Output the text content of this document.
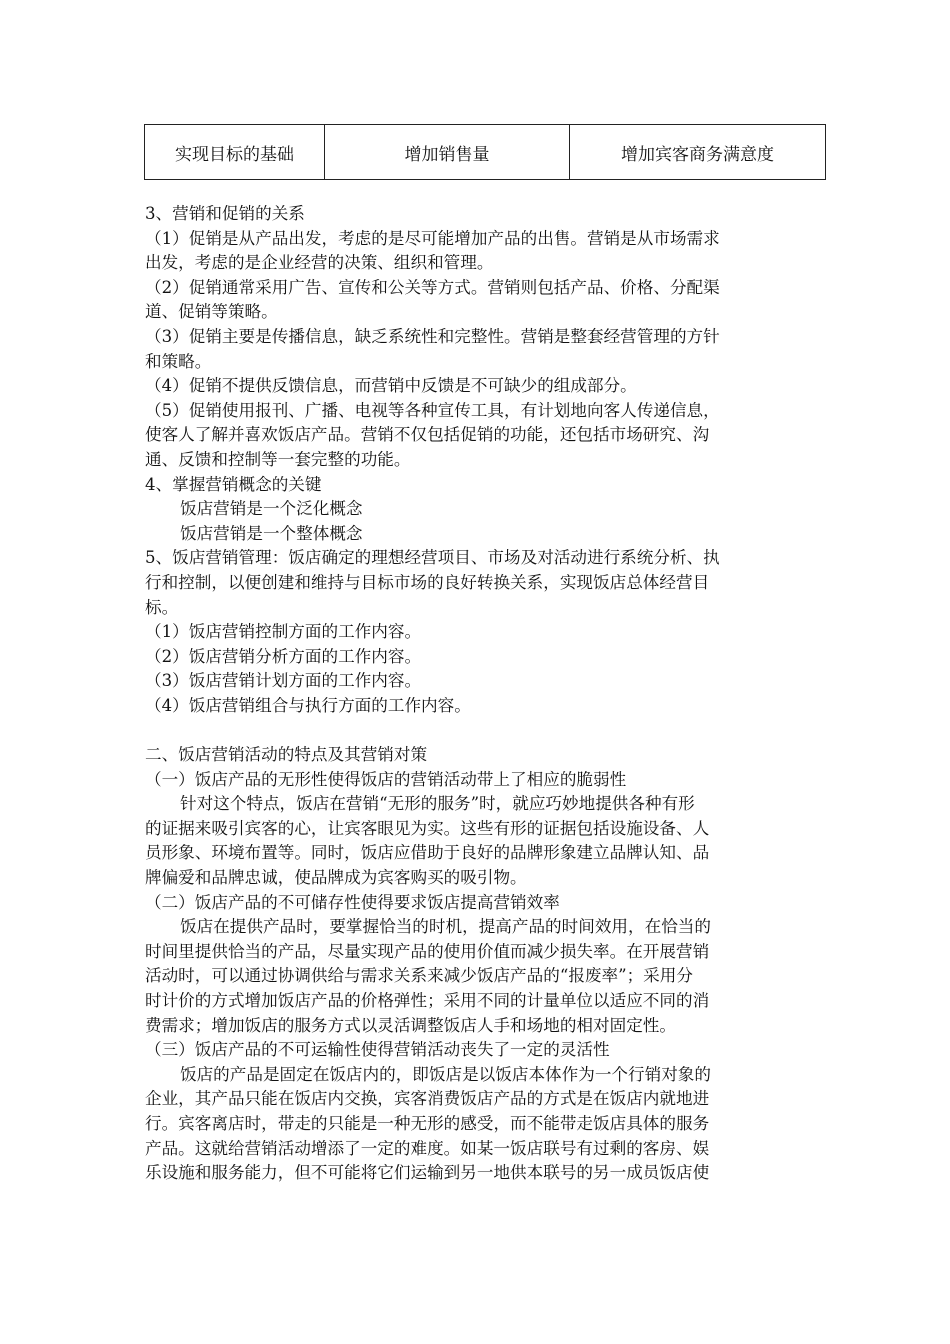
实现目标的基础	增加销售量	增加宾客商务满意度

3、营销和促销的关系

（1）促销是从产品出发，考虑的是尽可能增加产品的出售。营销是从市场需求

出发，考虑的是企业经营的决策、组织和管理。

（2）促销通常采用广告、宣传和公关等方式。营销则包括产品、价格、分配渠

道、促销等策略。

（3）促销主要是传播信息，缺乏系统性和完整性。营销是整套经营管理的方针

和策略。

（4）促销不提供反馈信息，而营销中反馈是不可缺少的组成部分。

（5）促销使用报刊、广播、电视等各种宣传工具，有计划地向客人传递信息，

使客人了解并喜欢饭店产品。营销不仅包括促销的功能，还包括市场研究、沟

通、反馈和控制等一套完整的功能。

4、掌握营销概念的关键

饭店营销是一个泛化概念

饭店营销是一个整体概念

5、饭店营销管理：饭店确定的理想经营项目、市场及对活动进行系统分析、执

行和控制，以便创建和维持与目标市场的良好转换关系，实现饭店总体经营目

标。

（1）饭店营销控制方面的工作内容。

（2）饭店营销分析方面的工作内容。

（3）饭店营销计划方面的工作内容。

（4）饭店营销组合与执行方面的工作内容。

二、饭店营销活动的特点及其营销对策

（一）饭店产品的无形性使得饭店的营销活动带上了相应的脆弱性

针对这个特点，饭店在营销“无形的服务”时，就应巧妙地提供各种有形

的证据来吸引宾客的心，让宾客眼见为实。这些有形的证据包括设施设备、人

员形象、环境布置等。同时，饭店应借助于良好的品牌形象建立品牌认知、品

牌偏爱和品牌忠诚，使品牌成为宾客购买的吸引物。

（二）饭店产品的不可储存性使得要求饭店提高营销效率

饭店在提供产品时，要掌握恰当的时机，提高产品的时间效用，在恰当的

时间里提供恰当的产品，尽量实现产品的使用价值而减少损失率。在开展营销

活动时，可以通过协调供给与需求关系来减少饭店产品的“报废率”；采用分

时计价的方式增加饭店产品的价格弹性；采用不同的计量单位以适应不同的消

费需求；增加饭店的服务方式以灵活调整饭店人手和场地的相对固定性。

（三）饭店产品的不可运输性使得营销活动丧失了一定的灵活性

饭店的产品是固定在饭店内的，即饭店是以饭店本体作为一个行销对象的

企业，其产品只能在饭店内交换，宾客消费饭店产品的方式是在饭店内就地进

行。宾客离店时，带走的只能是一种无形的感受，而不能带走饭店具体的服务

产品。这就给营销活动增添了一定的难度。如某一饭店联号有过剩的客房、娱

乐设施和服务能力，但不可能将它们运输到另一地供本联号的另一成员饭店使
